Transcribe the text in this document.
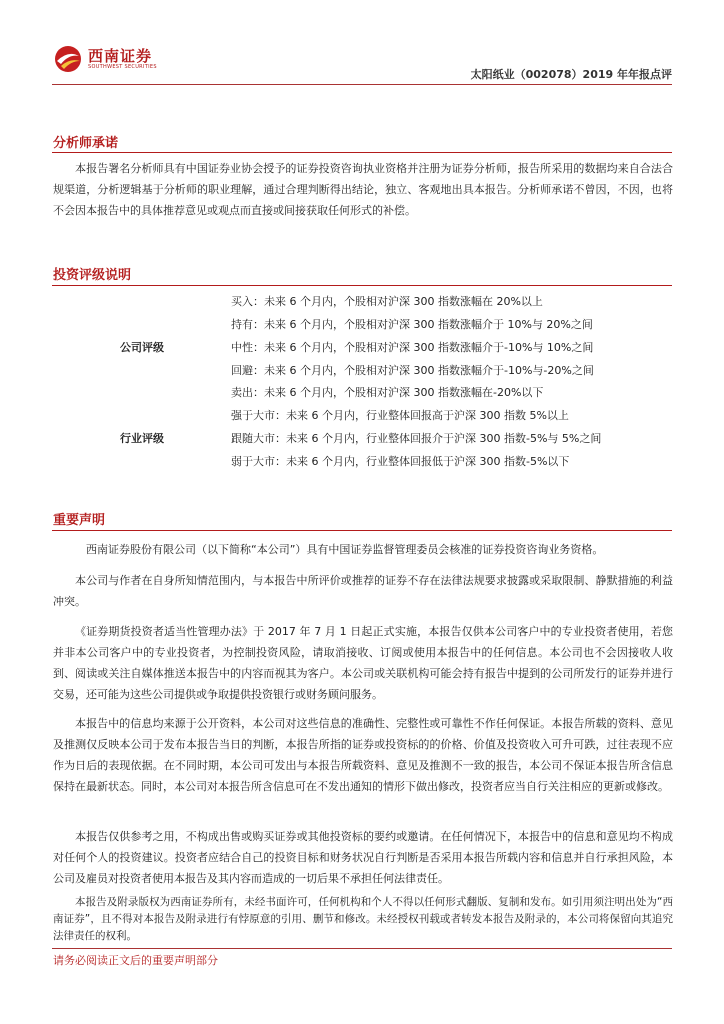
西南证券
SOUTHWEST SECURITIES
太阳纸业（002078）2019 年年报点评
分析师承诺

本报告署名分析师具有中国证券业协会授予的证券投资咨询执业资格并注册为证券分析师，报告所采用的数据均来自合法合规渠道，分析逻辑基于分析师的职业理解，通过合理判断得出结论，独立、客观地出具本报告。分析师承诺不曾因，不因，也将不会因本报告中的具体推荐意见或观点而直接或间接获取任何形式的补偿。

投资评级说明
公司评级
买入：未来 6 个月内，个股相对沪深 300 指数涨幅在 20%以上
持有：未来 6 个月内，个股相对沪深 300 指数涨幅介于 10%与 20%之间
中性：未来 6 个月内，个股相对沪深 300 指数涨幅介于-10%与 10%之间
回避：未来 6 个月内，个股相对沪深 300 指数涨幅介于-10%与-20%之间
卖出：未来 6 个月内，个股相对沪深 300 指数涨幅在-20%以下
行业评级
强于大市：未来 6 个月内，行业整体回报高于沪深 300 指数 5%以上
跟随大市：未来 6 个月内，行业整体回报介于沪深 300 指数-5%与 5%之间
弱于大市：未来 6 个月内，行业整体回报低于沪深 300 指数-5%以下
重要声明

西南证券股份有限公司（以下简称“本公司”）具有中国证券监督管理委员会核准的证券投资咨询业务资格。

本公司与作者在自身所知情范围内，与本报告中所评价或推荐的证券不存在法律法规要求披露或采取限制、静默措施的利益冲突。

《证券期货投资者适当性管理办法》于 2017 年 7 月 1 日起正式实施，本报告仅供本公司客户中的专业投资者使用，若您并非本公司客户中的专业投资者，为控制投资风险，请取消接收、订阅或使用本报告中的任何信息。本公司也不会因接收人收到、阅读或关注自媒体推送本报告中的内容而视其为客户。本公司或关联机构可能会持有报告中提到的公司所发行的证券并进行交易，还可能为这些公司提供或争取提供投资银行或财务顾问服务。

本报告中的信息均来源于公开资料，本公司对这些信息的准确性、完整性或可靠性不作任何保证。本报告所载的资料、意见及推测仅反映本公司于发布本报告当日的判断，本报告所指的证券或投资标的的价格、价值及投资收入可升可跌，过往表现不应作为日后的表现依据。在不同时期，本公司可发出与本报告所载资料、意见及推测不一致的报告，本公司不保证本报告所含信息保持在最新状态。同时，本公司对本报告所含信息可在不发出通知的情形下做出修改，投资者应当自行关注相应的更新或修改。

本报告仅供参考之用，不构成出售或购买证券或其他投资标的要约或邀请。在任何情况下，本报告中的信息和意见均不构成对任何个人的投资建议。投资者应结合自己的投资目标和财务状况自行判断是否采用本报告所载内容和信息并自行承担风险，本公司及雇员对投资者使用本报告及其内容而造成的一切后果不承担任何法律责任。

本报告及附录版权为西南证券所有，未经书面许可，任何机构和个人不得以任何形式翻版、复制和发布。如引用须注明出处为“西南证券”，且不得对本报告及附录进行有悖原意的引用、删节和修改。未经授权刊载或者转发本报告及附录的，本公司将保留向其追究法律责任的权利。

请务必阅读正文后的重要声明部分
